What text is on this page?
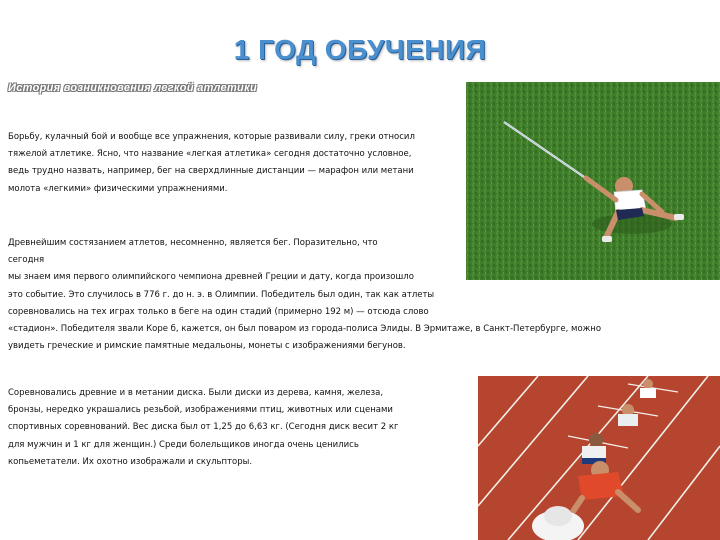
1 ГОД ОБУЧЕНИЯ
История возникновения легкой атлетики
Борьбу, кулачный бой и вообще все упражнения, которые развивали силу, греки относил
тяжелой атлетике. Ясно, что название «легкая атлетика» сегодня достаточно условное,
ведь трудно назвать, например, бег на сверхдлинные дистанции — марафон или метани
молота «легкими» физическими упражнениями.
Древнейшим состязанием атлетов, несомненно, является бег. Поразительно, что
сегодня
мы знаем имя первого олимпийского чемпиона древней Греции и дату, когда произошло
это событие. Это случилось в 776 г. до н. э. в Олимпии. Победитель был один, так как атлеты
соревновались на тех играх только в беге на один стадий (примерно 192 м) — отсюда слово
«стадион». Победителя звали Коре б, кажется, он был поваром из города-полиса Элиды. В Эрмитаже, в Санкт-Петербурге, можно
увидеть греческие и римские памятные медальоны, монеты с изображениями бегунов.
Соревновались древние и в метании диска. Были диски из дерева, камня, железа,
бронзы, нередко украшались резьбой, изображениями птиц, животных или сценами
спортивных соревнований. Вес диска был от 1,25 до 6,63 кг. (Сегодня диск весит 2 кг
для мужчин и 1 кг для женщин.) Среди болельщиков иногда очень ценились
копьеметатели. Их охотно изображали и скульпторы.
